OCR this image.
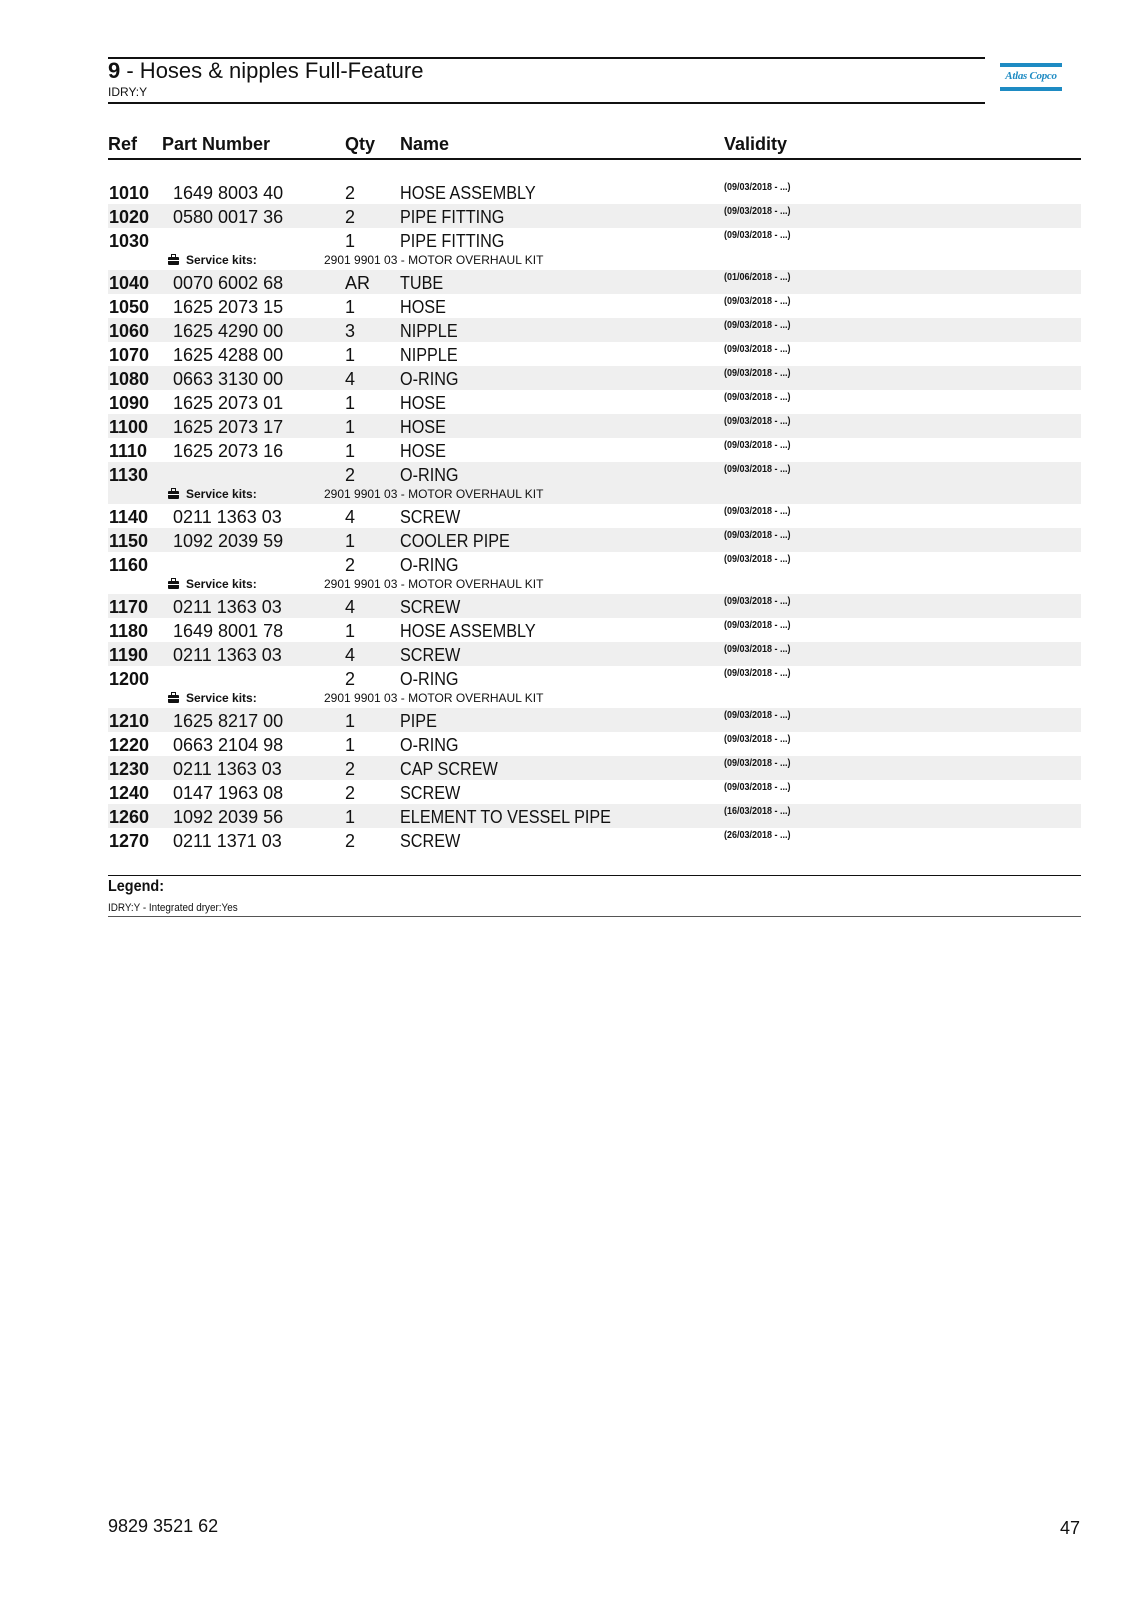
9 - Hoses & nipples Full-Feature
IDRY:Y
Atlas Copco
Ref Part Number	Qty Name	Validity
1010 1649 8003 40	2 HOSE ASSEMBLY	(09/03/2018 - ...)
1020 0580 0017 36	2 PIPE FITTING	(09/03/2018 - ...)
1030	1 PIPE FITTING	(09/03/2018 - ...)
Service kits:	2901 9901 03 - MOTOR OVERHAUL KIT
1040 0070 6002 68	AR TUBE	(01/06/2018 - ...)
1050 1625 2073 15	1 HOSE	(09/03/2018 - ...)
1060 1625 4290 00	3 NIPPLE	(09/03/2018 - ...)
1070 1625 4288 00	1 NIPPLE	(09/03/2018 - ...)
1080 0663 3130 00	4 O-RING	(09/03/2018 - ...)
1090 1625 2073 01	1 HOSE	(09/03/2018 - ...)
1100 1625 2073 17	1 HOSE	(09/03/2018 - ...)
1110 1625 2073 16	1 HOSE	(09/03/2018 - ...)
1130	2 O-RING	(09/03/2018 - ...)
Service kits:	2901 9901 03 - MOTOR OVERHAUL KIT
1140 0211 1363 03	4 SCREW	(09/03/2018 - ...)
1150 1092 2039 59	1 COOLER PIPE	(09/03/2018 - ...)
1160	2 O-RING	(09/03/2018 - ...)
Service kits:	2901 9901 03 - MOTOR OVERHAUL KIT
1170 0211 1363 03	4 SCREW	(09/03/2018 - ...)
1180 1649 8001 78	1 HOSE ASSEMBLY	(09/03/2018 - ...)
1190 0211 1363 03	4 SCREW	(09/03/2018 - ...)
1200	2 O-RING	(09/03/2018 - ...)
Service kits:	2901 9901 03 - MOTOR OVERHAUL KIT
1210 1625 8217 00	1 PIPE	(09/03/2018 - ...)
1220 0663 2104 98	1 O-RING	(09/03/2018 - ...)
1230 0211 1363 03	2 CAP SCREW	(09/03/2018 - ...)
1240 0147 1963 08	2 SCREW	(09/03/2018 - ...)
1260 1092 2039 56	1 ELEMENT TO VESSEL PIPE	(16/03/2018 - ...)
1270 0211 1371 03	2 SCREW	(26/03/2018 - ...)
Legend:
IDRY:Y - Integrated dryer:Yes
9829 3521 62	47
